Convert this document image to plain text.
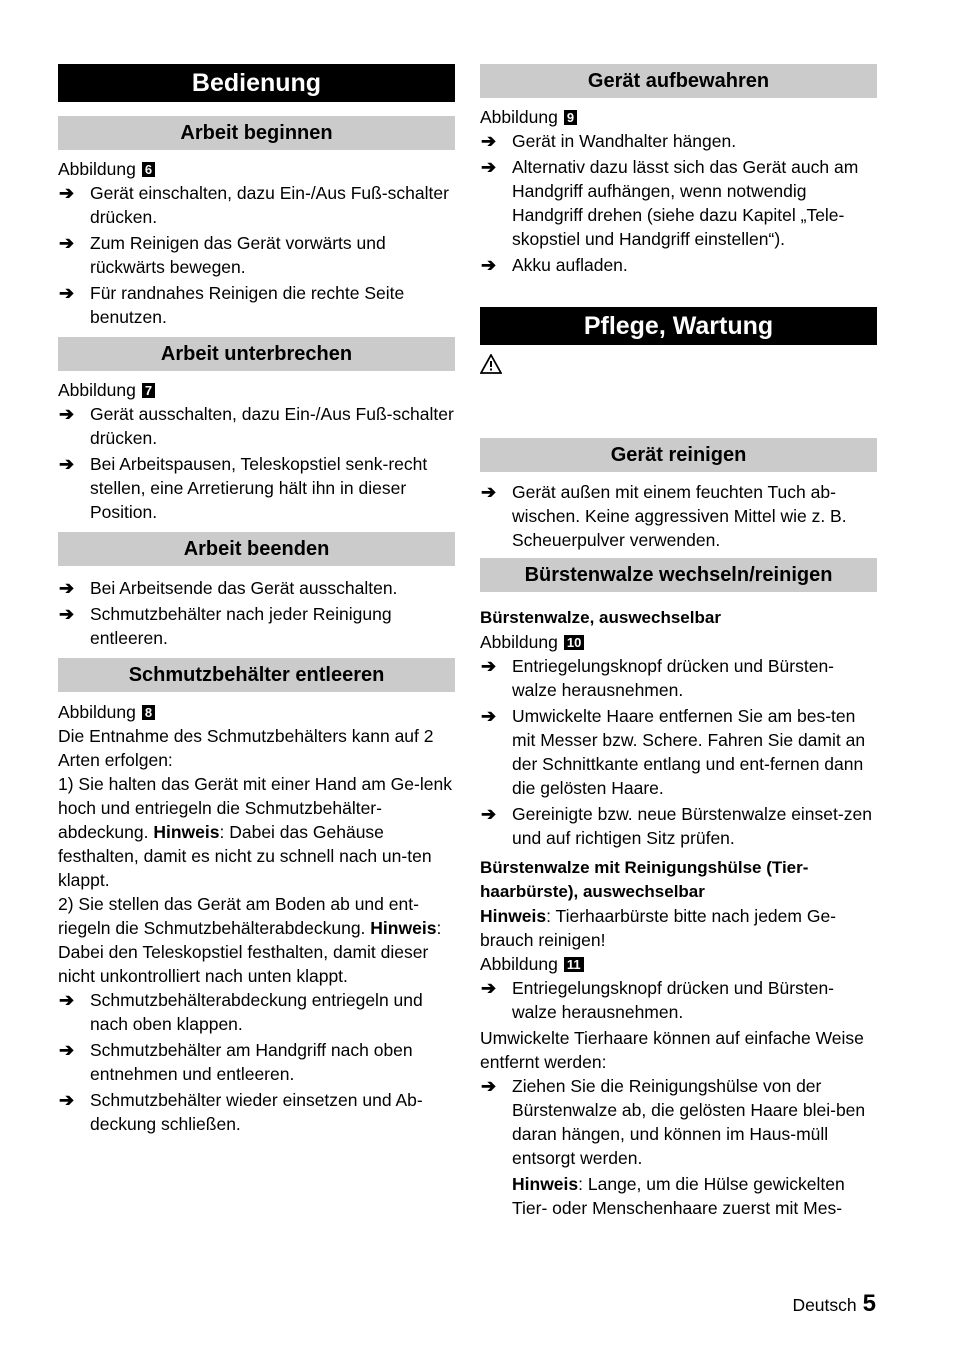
Bedienung
Arbeit beginnen

Abbildung 6

➔ Gerät einschalten, dazu Ein-/Aus Fuß-schalter drücken.
➔ Zum Reinigen das Gerät vorwärts und rückwärts bewegen.
➔ Für randnahes Reinigen die rechte Seite benutzen.
Arbeit unterbrechen

Abbildung 7

➔ Gerät ausschalten, dazu Ein-/Aus Fuß-schalter drücken.
➔ Bei Arbeitspausen, Teleskopstiel senk-recht stellen, eine Arretierung hält ihn in dieser Position.
Arbeit beenden
➔ Bei Arbeitsende das Gerät ausschalten.
➔ Schmutzbehälter nach jeder Reinigung entleeren.
Schmutzbehälter entleeren

Abbildung 8

Die Entnahme des Schmutzbehälters kann auf 2 Arten erfolgen:

1) Sie halten das Gerät mit einer Hand am Ge-lenk hoch und entriegeln die Schmutzbehälter-abdeckung. Hinweis: Dabei das Gehäuse festhalten, damit es nicht zu schnell nach un-ten klappt.

2) Sie stellen das Gerät am Boden ab und ent-riegeln die Schmutzbehälterabdeckung. Hinweis: Dabei den Teleskopstiel festhalten, damit dieser nicht unkontrolliert nach unten klappt.

➔ Schmutzbehälterabdeckung entriegeln und nach oben klappen.
➔ Schmutzbehälter am Handgriff nach oben entnehmen und entleeren.
➔ Schmutzbehälter wieder einsetzen und Ab-deckung schließen.
Gerät aufbewahren

Abbildung 9

➔ Gerät in Wandhalter hängen.
➔ Alternativ dazu lässt sich das Gerät auch am Handgriff aufhängen, wenn notwendig Handgriff drehen (siehe dazu Kapitel „Tele-skopstiel und Handgriff einstellen“).
➔ Akku aufladen.
Pflege, Wartung
Gerät reinigen
➔ Gerät außen mit einem feuchten Tuch ab-wischen. Keine aggressiven Mittel wie z. B. Scheuerpulver verwenden.
Bürstenwalze wechseln/reinigen

Bürstenwalze, auswechselbar

Abbildung 10

➔ Entriegelungsknopf drücken und Bürsten-walze herausnehmen.
➔ Umwickelte Haare entfernen Sie am bes-ten mit Messer bzw. Schere. Fahren Sie damit an der Schnittkante entlang und ent-fernen dann die gelösten Haare.
➔ Gereinigte bzw. neue Bürstenwalze einset-zen und auf richtigen Sitz prüfen.

Bürstenwalze mit Reinigungshülse (Tier-haarbürste), auswechselbar

Hinweis: Tierhaarbürste bitte nach jedem Ge-brauch reinigen!

Abbildung 11

➔ Entriegelungsknopf drücken und Bürsten-walze herausnehmen.

Umwickelte Tierhaare können auf einfache Weise entfernt werden:

➔ Ziehen Sie die Reinigungshülse von der Bürstenwalze ab, die gelösten Haare blei-ben daran hängen, und können im Haus-müll entsorgt werden.

Hinweis: Lange, um die Hülse gewickelten Tier- oder Menschenhaare zuerst mit Mes-

Deutsch 5
